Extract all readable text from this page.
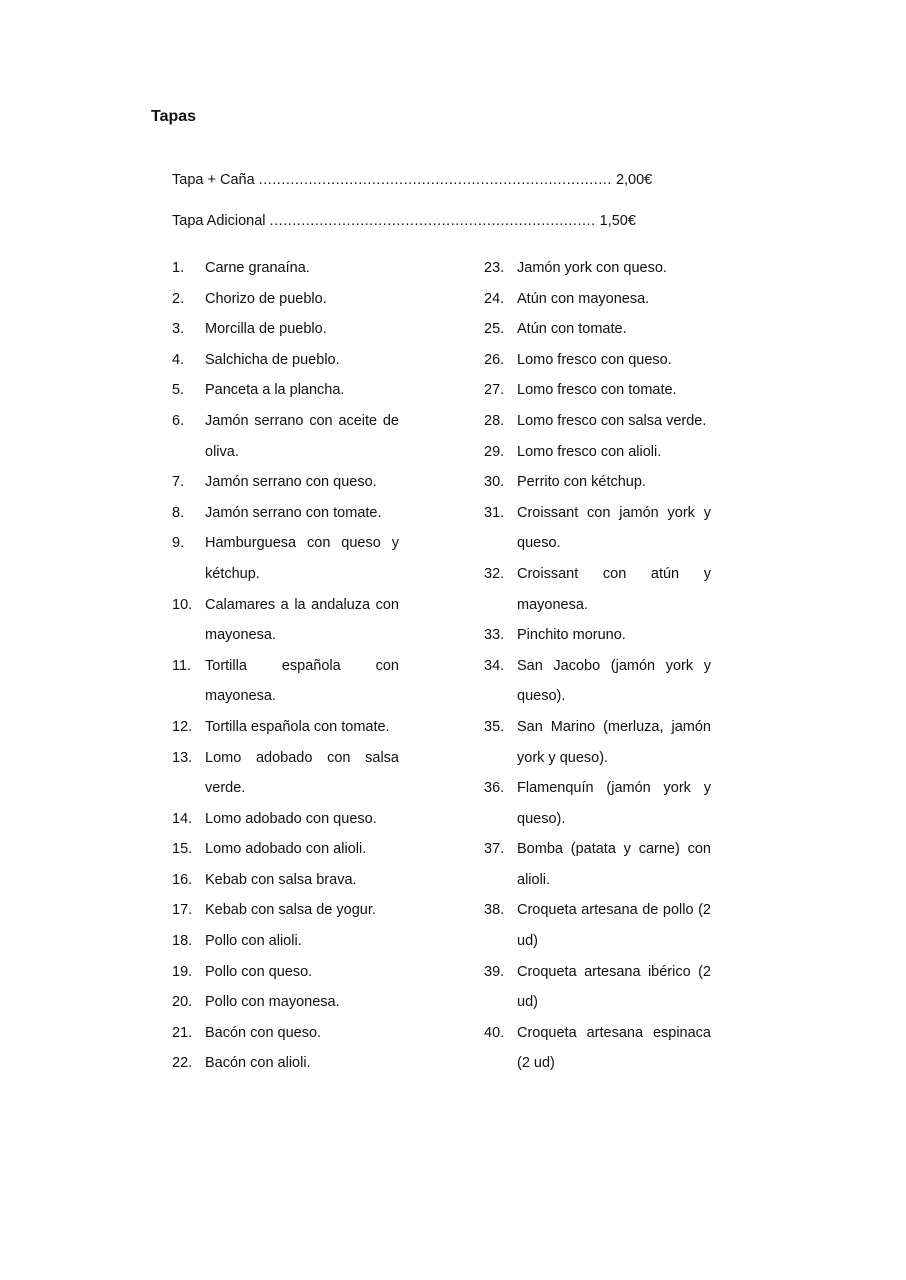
Tapas
Tapa + Caña .............................................................................. 2,00€
Tapa Adicional ........................................................................ 1,50€
1.	Carne granaína.
2.	Chorizo de pueblo.
3.	Morcilla de pueblo.
4.	Salchicha de pueblo.
5.	Panceta a la plancha.
6.	Jamón serrano con aceite de oliva.
7.	Jamón serrano con queso.
8.	Jamón serrano con tomate.
9.	Hamburguesa con queso y kétchup.
10. Calamares a la andaluza con mayonesa.
11. Tortilla española con mayonesa.
12. Tortilla española con tomate.
13. Lomo adobado con salsa verde.
14. Lomo adobado con queso.
15. Lomo adobado con alioli.
16. Kebab con salsa brava.
17. Kebab con salsa de yogur.
18. Pollo con alioli.
19. Pollo con queso.
20. Pollo con mayonesa.
21. Bacón con queso.
22. Bacón con alioli.
23. Jamón york con queso.
24. Atún con mayonesa.
25. Atún con tomate.
26. Lomo fresco con queso.
27. Lomo fresco con tomate.
28. Lomo fresco con salsa verde.
29. Lomo fresco con alioli.
30. Perrito con kétchup.
31. Croissant con jamón york y queso.
32. Croissant con atún y mayonesa.
33. Pinchito moruno.
34. San Jacobo (jamón york y queso).
35. San Marino (merluza, jamón york y queso).
36. Flamenquín (jamón york y queso).
37. Bomba (patata y carne) con alioli.
38. Croqueta artesana de pollo (2 ud)
39. Croqueta artesana ibérico (2 ud)
40. Croqueta artesana espinaca (2 ud)
